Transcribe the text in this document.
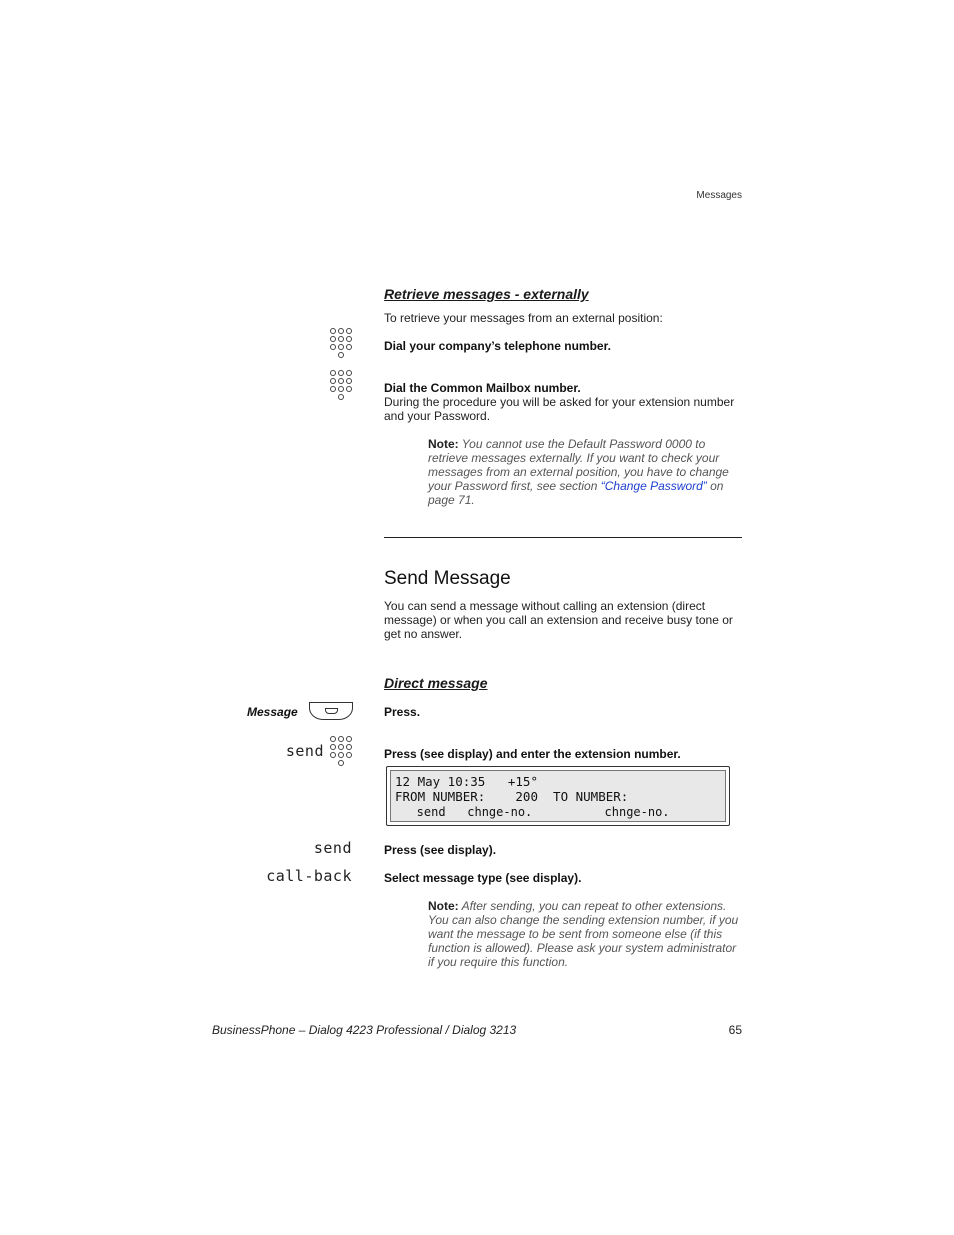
Messages
Retrieve messages - externally
To retrieve your messages from an external position:
Dial your company’s telephone number.
Dial the Common Mailbox number.
During the procedure you will be asked for your extension number
and your Password.
Note: You cannot use the Default Password 0000 to
retrieve messages externally. If you want to check your
messages from an external position, you have to change
your Password first, see section “Change Password” on
page 71.
Send Message
You can send a message without calling an extension (direct
message) or when you call an extension and receive busy tone or
get no answer.
Direct message
Message	Press.
send	Press (see display) and enter the extension number.
12 May 10:35   +15°
FROM NUMBER:    200  TO NUMBER:
send   chnge-no.          chnge-no.
send	Press (see display).
call-back	Select message type (see display).
Note: After sending, you can repeat to other extensions.
You can also change the sending extension number, if you
want the message to be sent from someone else (if this
function is allowed). Please ask your system administrator
if you require this function.
BusinessPhone – Dialog 4223 Professional / Dialog 3213	65
